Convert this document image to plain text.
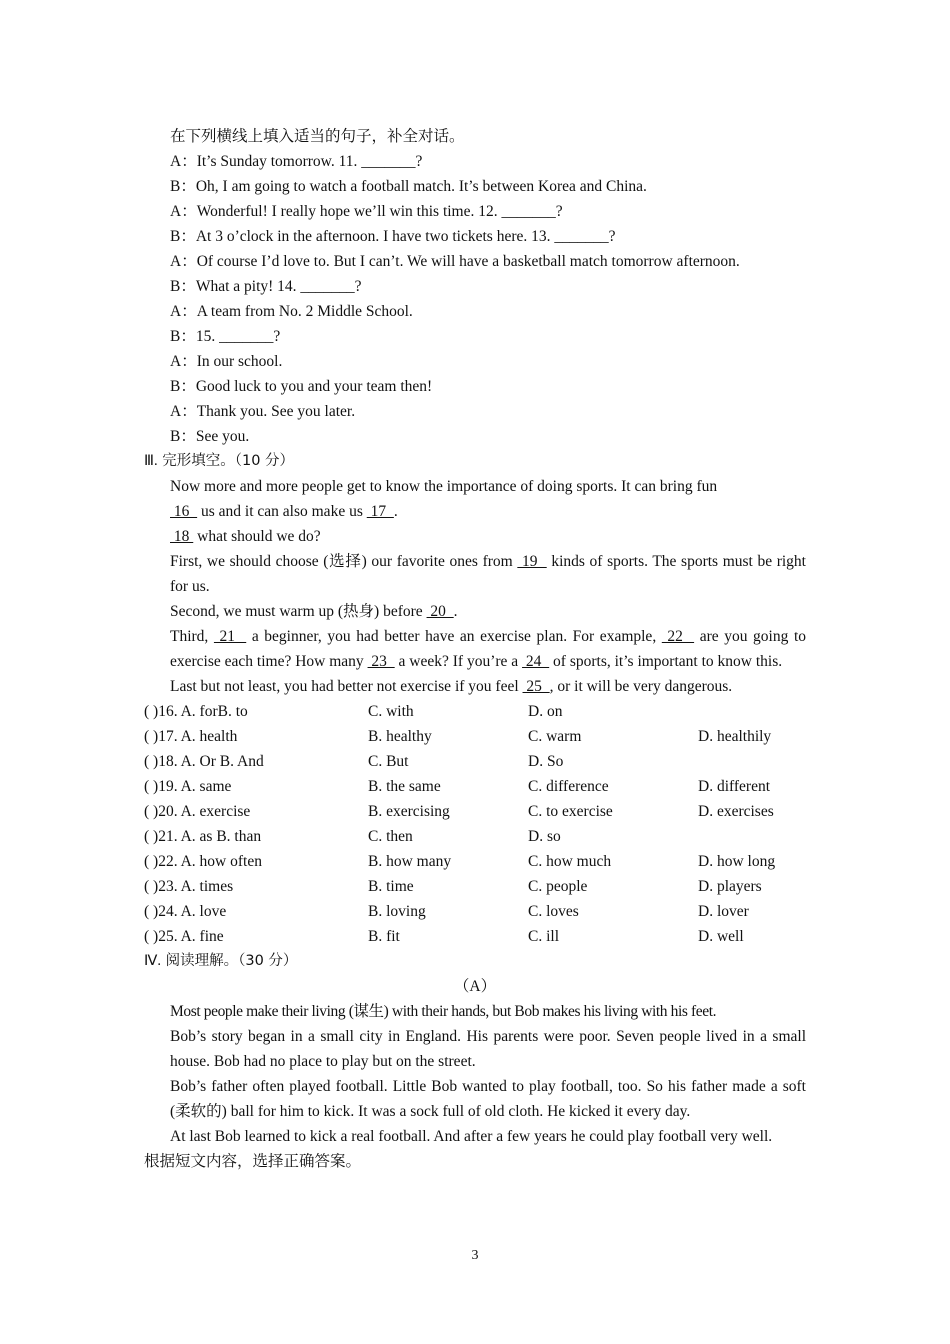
在下列横线上填入适当的句子，补全对话。
A：It’s Sunday tomorrow. 11. _______?
B：Oh, I am going to watch a football match. It’s between Korea and China.
A：Wonderful! I really hope we’ll win this time. 12. _______?
B：At 3 o’clock in the afternoon. I have two tickets here. 13. _______?
A：Of course I’d love to. But I can’t. We will have a basketball match tomorrow afternoon.
B：What a pity! 14. _______?
A：A team from No. 2 Middle School.
B：15. _______?
A：In our school.
B：Good luck to you and your team then!
A：Thank you. See you later.
B：See you.
Ⅲ. 完形填空。（10 分）
Now more and more people get to know the importance of doing sports. It can bring fun
16   us and it can also make us  17  .
18  what should we do?
First, we should choose (选择) our favorite ones from  19   kinds of sports. The sports must be right for us.
Second, we must warm up (热身) before  20  .
Third,  21   a beginner, you had better have an exercise plan. For example,  22   are you going to exercise each time? How many  23   a week? If you’re a  24   of sports, it’s important to know this.
Last but not least, you had better not exercise if you feel  25  , or it will be very dangerous.
( )16. A. forB. to	C. with	D. on
( )17. A. health	B. healthy	C. warm	D. healthily
( )18. A. Or B. And	C. But	D. So
( )19. A. same	B. the same	C. difference	D. different
( )20. A. exercise	B. exercising	C. to exercise	D. exercises
( )21. A. as B. than	C. then	D. so
( )22. A. how often	B. how many	C. how much	D. how long
( )23. A. times	B. time	C. people	D. players
( )24. A. love	B. loving	C. loves	D. lover
( )25. A. fine	B. fit	C. ill	D. well
Ⅳ. 阅读理解。（30 分）
（A）
Most people make their living (谋生) with their hands, but Bob makes his living with his feet.
Bob’s story began in a small city in England. His parents were poor. Seven people lived in a small house. Bob had no place to play but on the street.
Bob’s father often played football. Little Bob wanted to play football, too. So his father made a soft (柔软的) ball for him to kick. It was a sock full of old cloth. He kicked it every day.
At last Bob learned to kick a real football. And after a few years he could play football very well.
根据短文内容，选择正确答案。
3
